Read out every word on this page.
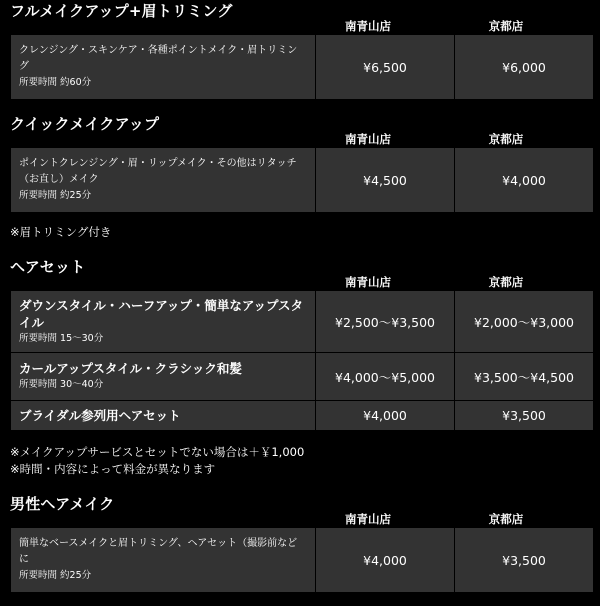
フルメイクアップ+眉トリミング
南青山店	京都店
クレンジング・スキンケア・各種ポイントメイク・眉トリミング
所要時間 約60分
	¥6,500	¥6,000
クイックメイクアップ
南青山店	京都店
ポイントクレンジング・眉・リップメイク・その他はリタッチ（お直し）メイク
所要時間 約25分
	¥4,500	¥4,000
※眉トリミング付き
ヘアセット
南青山店	京都店
ダウンスタイル・ハーフアップ・簡単なアップスタイル
所要時間 15～30分	¥2,500～¥3,500	¥2,000～¥3,000

カールアップスタイル・クラシック和髪
所要時間 30～40分	¥4,000～¥5,000	¥3,500～¥4,500

ブライダル参列用ヘアセット	¥4,000	¥3,500
※メイクアップサービスとセットでない場合は＋￥1,000
※時間・内容によって料金が異なります
男性ヘアメイク
南青山店	京都店
簡単なベースメイクと眉トリミング、ヘアセット（撮影前などに
所要時間 約25分
	¥4,000	¥3,500
